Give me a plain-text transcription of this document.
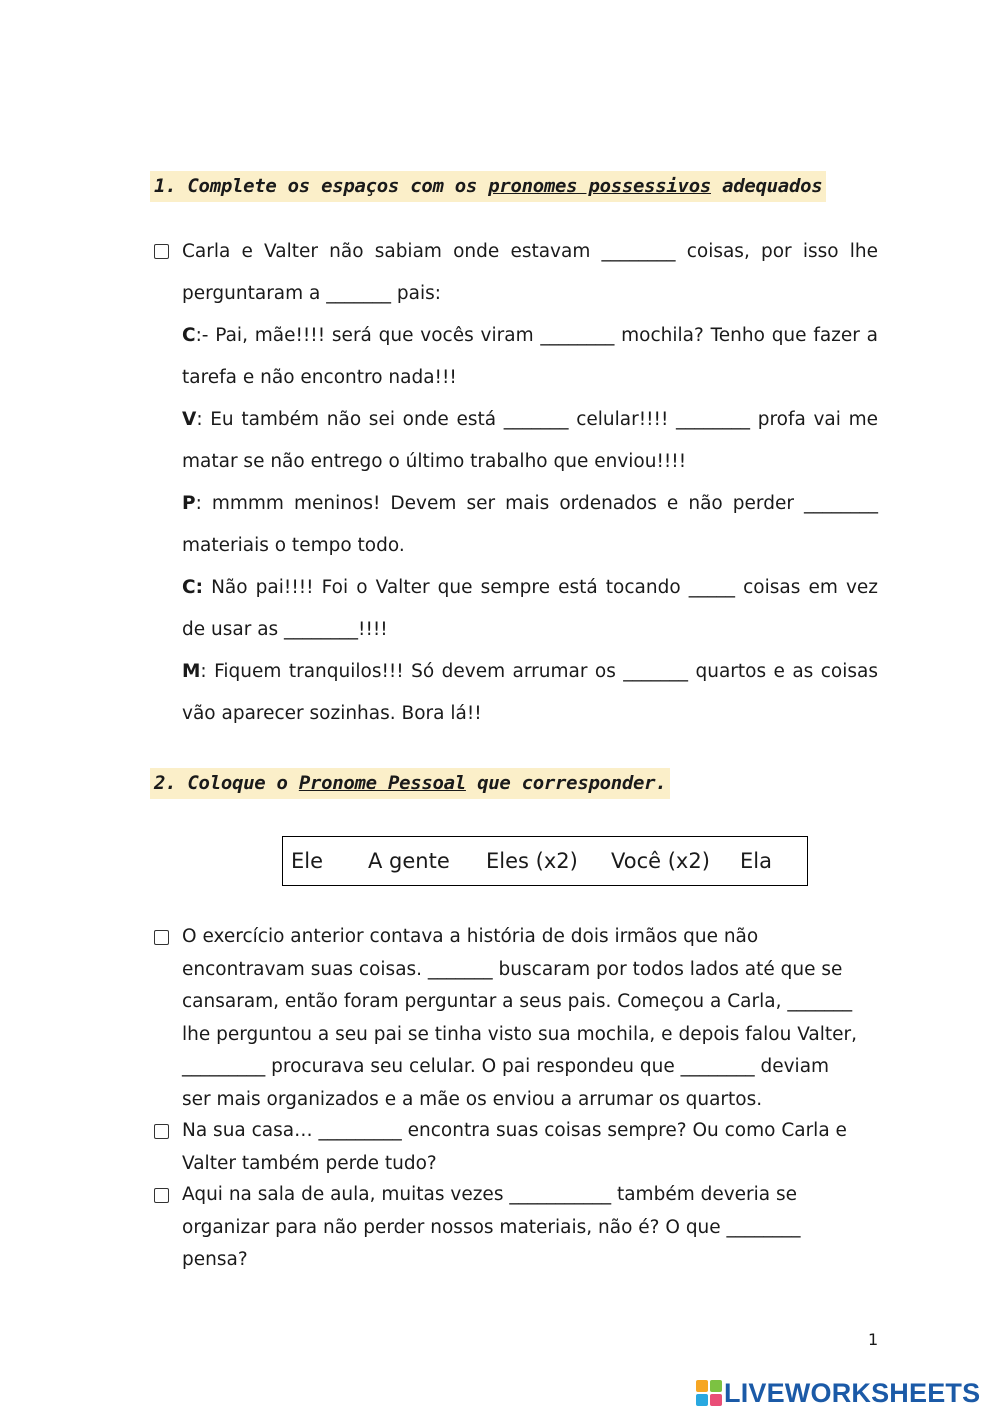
1. Complete os espaços com os pronomes possessivos adequados

Carla e Valter não sabiam onde estavam ________ coisas, por isso lhe perguntaram a _______ pais:

C:- Pai, mãe!!!! será que vocês viram ________ mochila? Tenho que fazer a tarefa e não encontro nada!!!

V: Eu também não sei onde está _______ celular!!!! ________ profa vai me matar se não entrego o último trabalho que enviou!!!!

P: mmmm meninos! Devem ser mais ordenados e não perder ________ materiais o tempo todo.

C: Não pai!!!! Foi o Valter que sempre está tocando _____ coisas em vez de usar as ________!!!!

M: Fiquem tranquilos!!! Só devem arrumar os _______ quartos e as coisas vão aparecer sozinhas. Bora lá!!

2. Coloque o Pronome Pessoal que corresponder.
Ele A gente Eles (x2) Você (x2) Ela

O exercício anterior contava a história de dois irmãos que não

encontravam suas coisas. _______ buscaram por todos lados até que se

cansaram, então foram perguntar a seus pais. Começou a Carla, _______

lhe perguntou a seu pai se tinha visto sua mochila, e depois falou Valter,

_________ procurava seu celular. O pai respondeu que ________ deviam

ser mais organizados e a mãe os enviou a arrumar os quartos.

Na sua casa… _________ encontra suas coisas sempre? Ou como Carla e

Valter também perde tudo?

Aqui na sala de aula, muitas vezes ___________ também deveria se

organizar para não perder nossos materiais, não é? O que ________

pensa?

1
LIVEWORKSHEETS
